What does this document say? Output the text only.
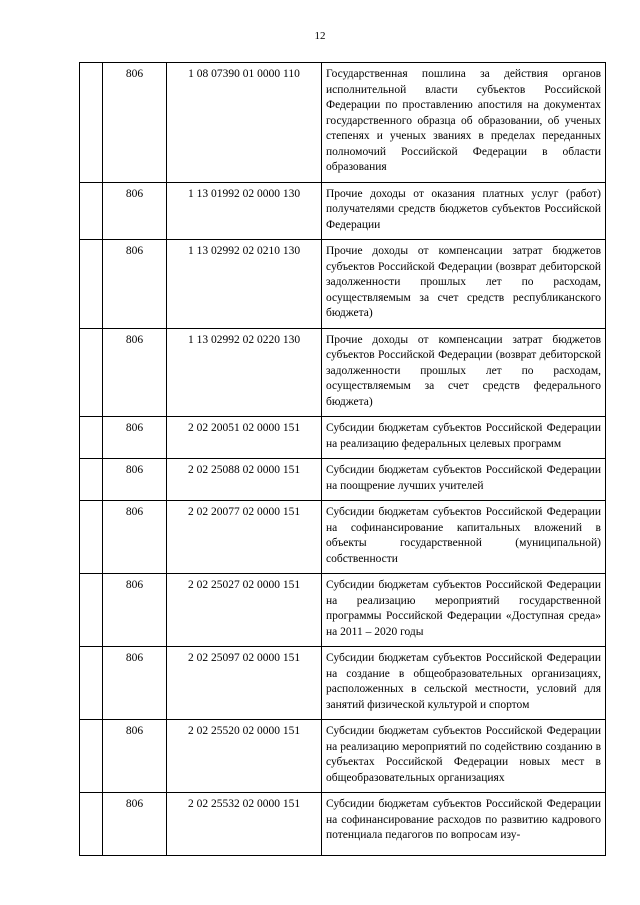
12
	806	1 08 07390 01 0000 110	Государственная пошлина за действия органов исполнительной власти субъектов Российской Федерации по проставлению апостиля на документах государственного образца об образовании, об ученых степенях и ученых званиях в пределах переданных полномочий Российской Федерации в области образования
	806	1 13 01992 02 0000 130	Прочие доходы от оказания платных услуг (работ) получателями средств бюджетов субъектов Российской Федерации
	806	1 13 02992 02 0210 130	Прочие доходы от компенсации затрат бюджетов субъектов Российской Федерации (возврат дебиторской задолженности прошлых лет по расходам, осуществляемым за счет средств республиканского бюджета)
	806	1 13 02992 02 0220 130	Прочие доходы от компенсации затрат бюджетов субъектов Российской Федерации (возврат дебиторской задолженности прошлых лет по расходам, осуществляемым за счет средств федерального бюджета)
	806	2 02 20051 02 0000 151	Субсидии бюджетам субъектов Российской Федерации на реализацию федеральных целевых программ
	806	2 02 25088 02 0000 151	Субсидии бюджетам субъектов Российской Федерации на поощрение лучших учителей
	806	2 02 20077 02 0000 151	Субсидии бюджетам субъектов Российской Федерации на софинансирование капитальных вложений в объекты государственной (муниципальной) собственности
	806	2 02 25027 02 0000 151	Субсидии бюджетам субъектов Российской Федерации на реализацию мероприятий государственной программы Российской Федерации «Доступная среда» на 2011 – 2020 годы
	806	2 02 25097 02 0000 151	Субсидии бюджетам субъектов Российской Федерации на создание в общеобразовательных организациях, расположенных в сельской местности, условий для занятий физической культурой и спортом
	806	2 02 25520 02 0000 151	Субсидии бюджетам субъектов Российской Федерации на реализацию мероприятий по содействию созданию в субъектах Российской Федерации новых мест в общеобразовательных организациях
	806	2 02 25532 02 0000 151	Субсидии бюджетам субъектов Российской Федерации на софинансирование расходов по развитию кадрового потенциала педагогов по вопросам изу-
